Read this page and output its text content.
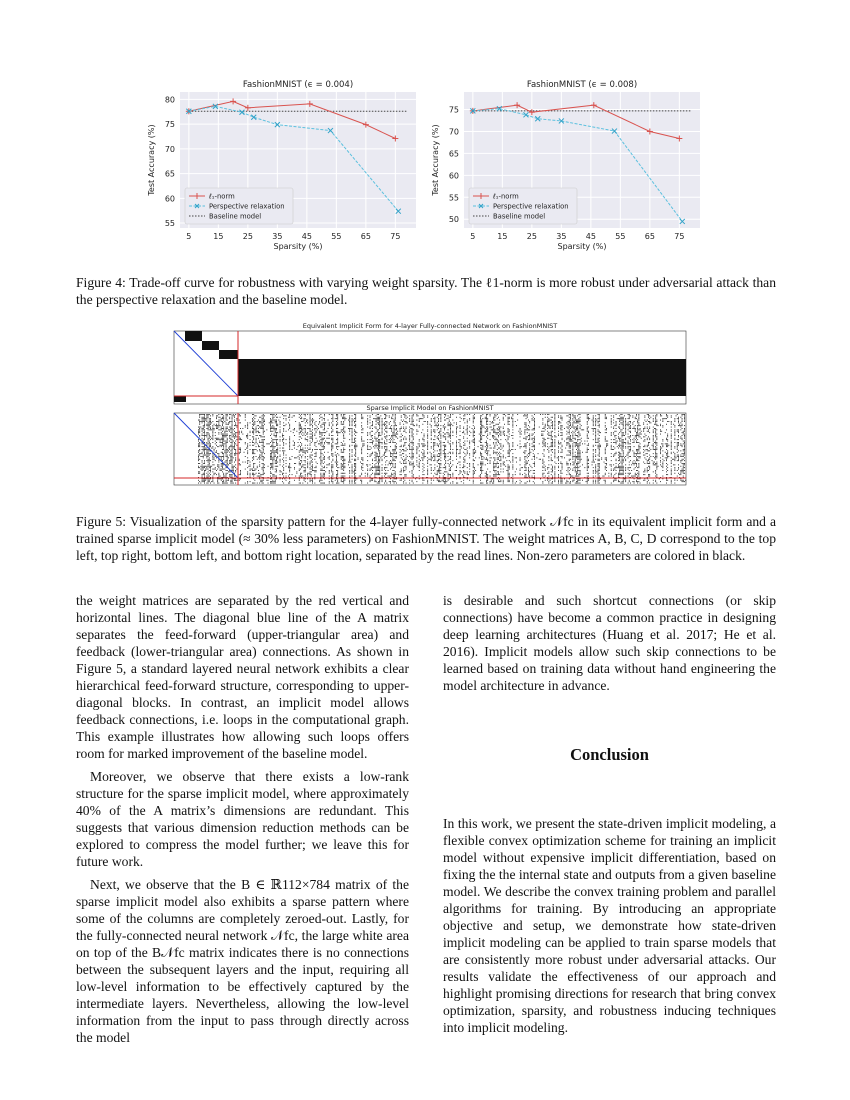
FashionMNIST (ϵ = 0.004)
55
60
65
70
75
80
5	15 25 35 45 55 65 75
Sparsity (%)
Test Accuracy (%)
ℓ₁-norm
Perspective relaxation
Baseline model
FashionMNIST (ϵ = 0.008)
50
55
60
65
70
75
5	15 25 35 45 55 65 75
Sparsity (%)
Test Accuracy (%)
ℓ₁-norm
Perspective relaxation
Baseline model
Figure 4: Trade-off curve for robustness with varying weight sparsity. The ℓ1-norm is more robust under adversarial attack than the perspective relaxation and the baseline model.
Equivalent Implicit Form for 4-layer Fully-connected Network on FashionMNIST
Sparse Implicit Model on FashionMNIST
Figure 5: Visualization of the sparsity pattern for the 4-layer fully-connected network 𝒩fc in its equivalent implicit form and a trained sparse implicit model (≈ 30% less parameters) on FashionMNIST. The weight matrices A, B, C, D correspond to the top left, top right, bottom left, and bottom right location, separated by the read lines. Non-zero parameters are colored in black.

the weight matrices are separated by the red vertical and horizontal lines. The diagonal blue line of the A matrix separates the feed-forward (upper-triangular area) and feedback (lower-triangular area) connections. As shown in Figure 5, a standard layered neural network exhibits a clear hierarchical feed-forward structure, corresponding to upper-diagonal blocks. In contrast, an implicit model allows feedback connections, i.e. loops in the computational graph. This example illustrates how allowing such loops offers room for marked improvement of the baseline model.

Moreover, we observe that there exists a low-rank structure for the sparse implicit model, where approximately 40% of the A matrix’s dimensions are redundant. This suggests that various dimension reduction methods can be explored to compress the model further; we leave this for future work.

Next, we observe that the B ∈ ℝ112×784 matrix of the sparse implicit model also exhibits a sparse pattern where some of the columns are completely zeroed-out. Lastly, for the fully-connected neural network 𝒩fc, the large white area on top of the B𝒩fc matrix indicates there is no connections between the subsequent layers and the input, requiring all low-level information to be effectively captured by the intermediate layers. Nevertheless, allowing the low-level information from the input to pass through directly across the model

is desirable and such shortcut connections (or skip connections) have become a common practice in designing deep learning architectures (Huang et al. 2017; He et al. 2016). Implicit models allow such skip connections to be learned based on training data without hand engineering the model architecture in advance.

Conclusion

In this work, we present the state-driven implicit modeling, a flexible convex optimization scheme for training an implicit model without expensive implicit differentiation, based on fixing the the internal state and outputs from a given baseline model. We describe the convex training problem and parallel algorithms for training. By introducing an appropriate objective and setup, we demonstrate how state-driven implicit modeling can be applied to train sparse models that are consistently more robust under adversarial attacks. Our results validate the effectiveness of our approach and highlight promising directions for research that bring convex optimization, sparsity, and robustness inducing techniques into implicit modeling.
